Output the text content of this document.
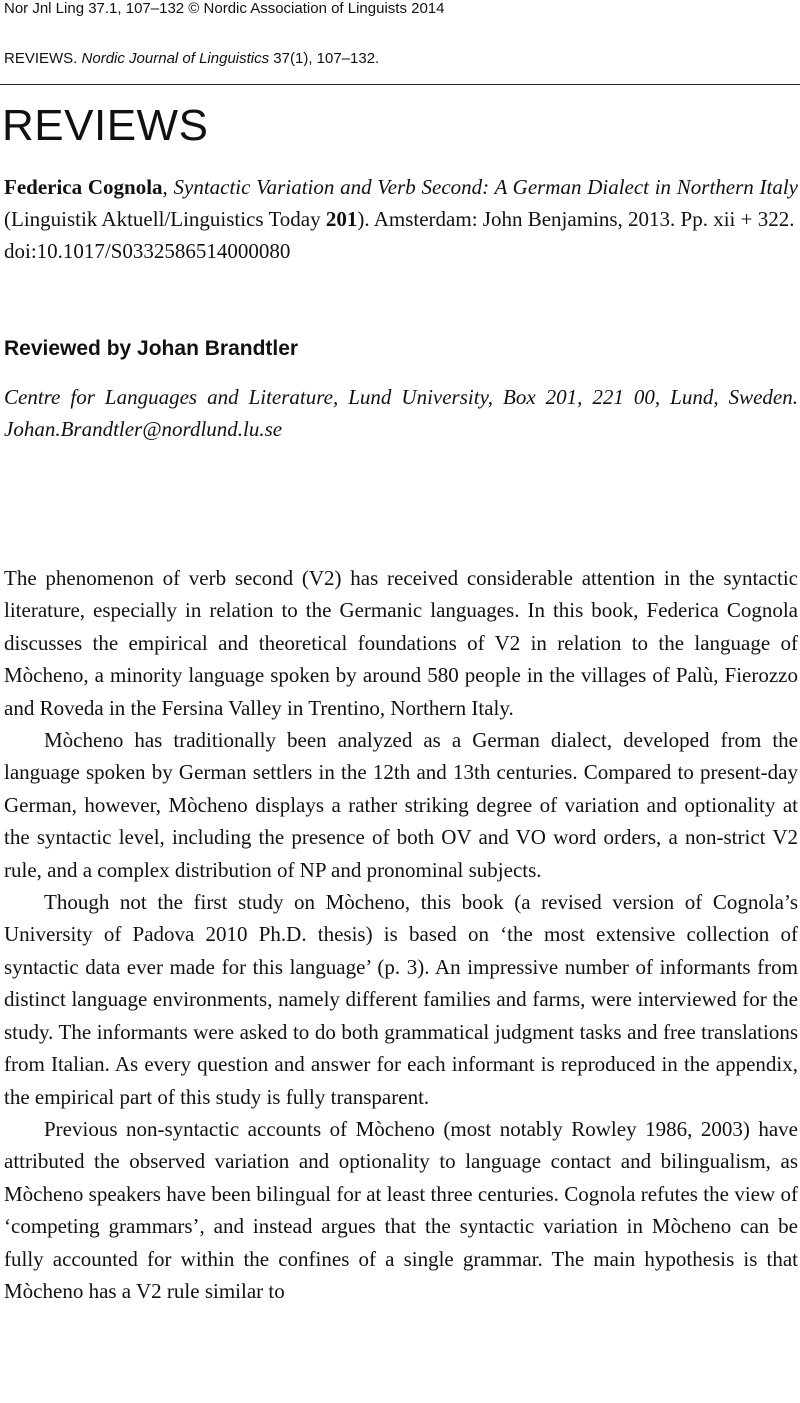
Nor Jnl Ling 37.1, 107–132 © Nordic Association of Linguists 2014
REVIEWS. Nordic Journal of Linguistics 37(1), 107–132.
REVIEWS
Federica Cognola, Syntactic Variation and Verb Second: A German Dialect in Northern Italy (Linguistik Aktuell/Linguistics Today 201). Amsterdam: John Benjamins, 2013. Pp. xii + 322.
doi:10.1017/S0332586514000080
Reviewed by Johan Brandtler
Centre for Languages and Literature, Lund University, Box 201, 221 00, Lund, Sweden. Johan.Brandtler@nordlund.lu.se

The phenomenon of verb second (V2) has received considerable attention in the syntactic literature, especially in relation to the Germanic languages. In this book, Federica Cognola discusses the empirical and theoretical foundations of V2 in relation to the language of Mòcheno, a minority language spoken by around 580 people in the villages of Palù, Fierozzo and Roveda in the Fersina Valley in Trentino, Northern Italy.

Mòcheno has traditionally been analyzed as a German dialect, developed from the language spoken by German settlers in the 12th and 13th centuries. Compared to present-day German, however, Mòcheno displays a rather striking degree of variation and optionality at the syntactic level, including the presence of both OV and VO word orders, a non-strict V2 rule, and a complex distribution of NP and pronominal subjects.

Though not the first study on Mòcheno, this book (a revised version of Cognola’s University of Padova 2010 Ph.D. thesis) is based on ‘the most extensive collection of syntactic data ever made for this language’ (p. 3). An impressive number of informants from distinct language environments, namely different families and farms, were interviewed for the study. The informants were asked to do both grammatical judgment tasks and free translations from Italian. As every question and answer for each informant is reproduced in the appendix, the empirical part of this study is fully transparent.

Previous non-syntactic accounts of Mòcheno (most notably Rowley 1986, 2003) have attributed the observed variation and optionality to language contact and bilingualism, as Mòcheno speakers have been bilingual for at least three centuries. Cognola refutes the view of ‘competing grammars’, and instead argues that the syntactic variation in Mòcheno can be fully accounted for within the confines of a single grammar. The main hypothesis is that Mòcheno has a V2 rule similar to
